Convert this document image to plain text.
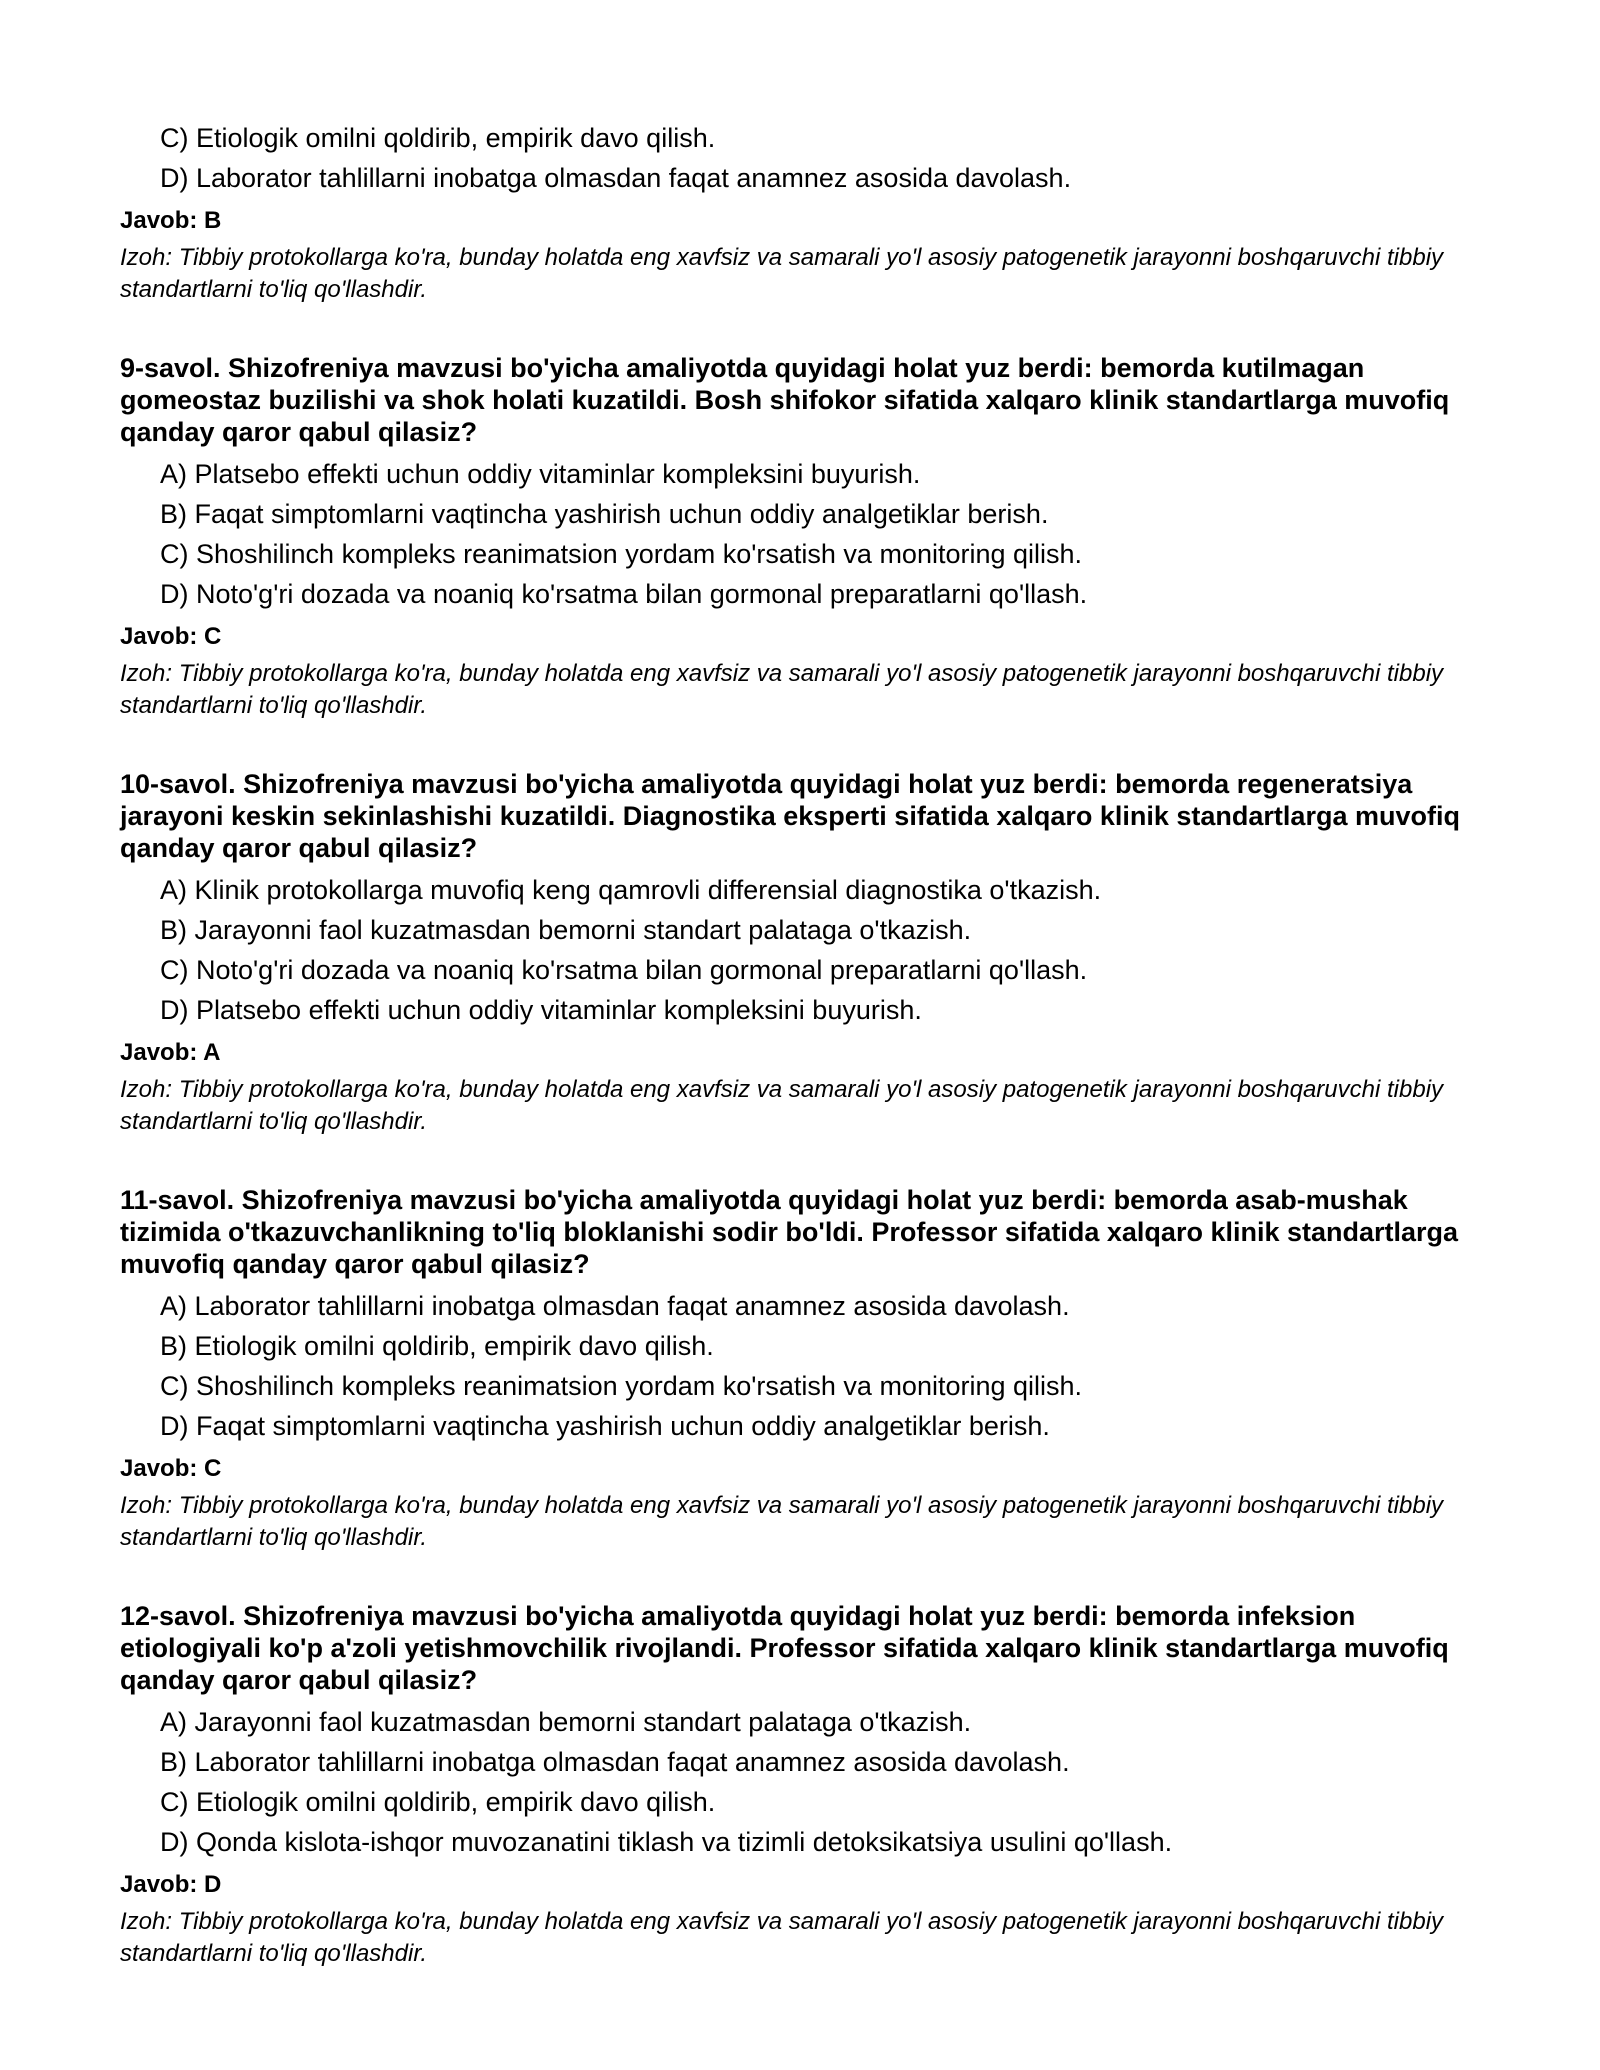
C) Etiologik omilni qoldirib, empirik davo qilish.
D) Laborator tahlillarni inobatga olmasdan faqat anamnez asosida davolash.
Javob: B
Izoh: Tibbiy protokollarga ko'ra, bunday holatda eng xavfsiz va samarali yo'l asosiy patogenetik jarayonni boshqaruvchi tibbiy standartlarni to'liq qo'llashdir.
9-savol. Shizofreniya mavzusi bo'yicha amaliyotda quyidagi holat yuz berdi: bemorda kutilmagan gomeostaz buzilishi va shok holati kuzatildi. Bosh shifokor sifatida xalqaro klinik standartlarga muvofiq qanday qaror qabul qilasiz?
A) Platsebo effekti uchun oddiy vitaminlar kompleksini buyurish.
B) Faqat simptomlarni vaqtincha yashirish uchun oddiy analgetiklar berish.
C) Shoshilinch kompleks reanimatsion yordam ko'rsatish va monitoring qilish.
D) Noto'g'ri dozada va noaniq ko'rsatma bilan gormonal preparatlarni qo'llash.
Javob: C
Izoh: Tibbiy protokollarga ko'ra, bunday holatda eng xavfsiz va samarali yo'l asosiy patogenetik jarayonni boshqaruvchi tibbiy standartlarni to'liq qo'llashdir.
10-savol. Shizofreniya mavzusi bo'yicha amaliyotda quyidagi holat yuz berdi: bemorda regeneratsiya jarayoni keskin sekinlashishi kuzatildi. Diagnostika eksperti sifatida xalqaro klinik standartlarga muvofiq qanday qaror qabul qilasiz?
A) Klinik protokollarga muvofiq keng qamrovli differensial diagnostika o'tkazish.
B) Jarayonni faol kuzatmasdan bemorni standart palataga o'tkazish.
C) Noto'g'ri dozada va noaniq ko'rsatma bilan gormonal preparatlarni qo'llash.
D) Platsebo effekti uchun oddiy vitaminlar kompleksini buyurish.
Javob: A
Izoh: Tibbiy protokollarga ko'ra, bunday holatda eng xavfsiz va samarali yo'l asosiy patogenetik jarayonni boshqaruvchi tibbiy standartlarni to'liq qo'llashdir.
11-savol. Shizofreniya mavzusi bo'yicha amaliyotda quyidagi holat yuz berdi: bemorda asab-mushak tizimida o'tkazuvchanlikning to'liq bloklanishi sodir bo'ldi. Professor sifatida xalqaro klinik standartlarga muvofiq qanday qaror qabul qilasiz?
A) Laborator tahlillarni inobatga olmasdan faqat anamnez asosida davolash.
B) Etiologik omilni qoldirib, empirik davo qilish.
C) Shoshilinch kompleks reanimatsion yordam ko'rsatish va monitoring qilish.
D) Faqat simptomlarni vaqtincha yashirish uchun oddiy analgetiklar berish.
Javob: C
Izoh: Tibbiy protokollarga ko'ra, bunday holatda eng xavfsiz va samarali yo'l asosiy patogenetik jarayonni boshqaruvchi tibbiy standartlarni to'liq qo'llashdir.
12-savol. Shizofreniya mavzusi bo'yicha amaliyotda quyidagi holat yuz berdi: bemorda infeksion etiologiyali ko'p a'zoli yetishmovchilik rivojlandi. Professor sifatida xalqaro klinik standartlarga muvofiq qanday qaror qabul qilasiz?
A) Jarayonni faol kuzatmasdan bemorni standart palataga o'tkazish.
B) Laborator tahlillarni inobatga olmasdan faqat anamnez asosida davolash.
C) Etiologik omilni qoldirib, empirik davo qilish.
D) Qonda kislota-ishqor muvozanatini tiklash va tizimli detoksikatsiya usulini qo'llash.
Javob: D
Izoh: Tibbiy protokollarga ko'ra, bunday holatda eng xavfsiz va samarali yo'l asosiy patogenetik jarayonni boshqaruvchi tibbiy standartlarni to'liq qo'llashdir.
